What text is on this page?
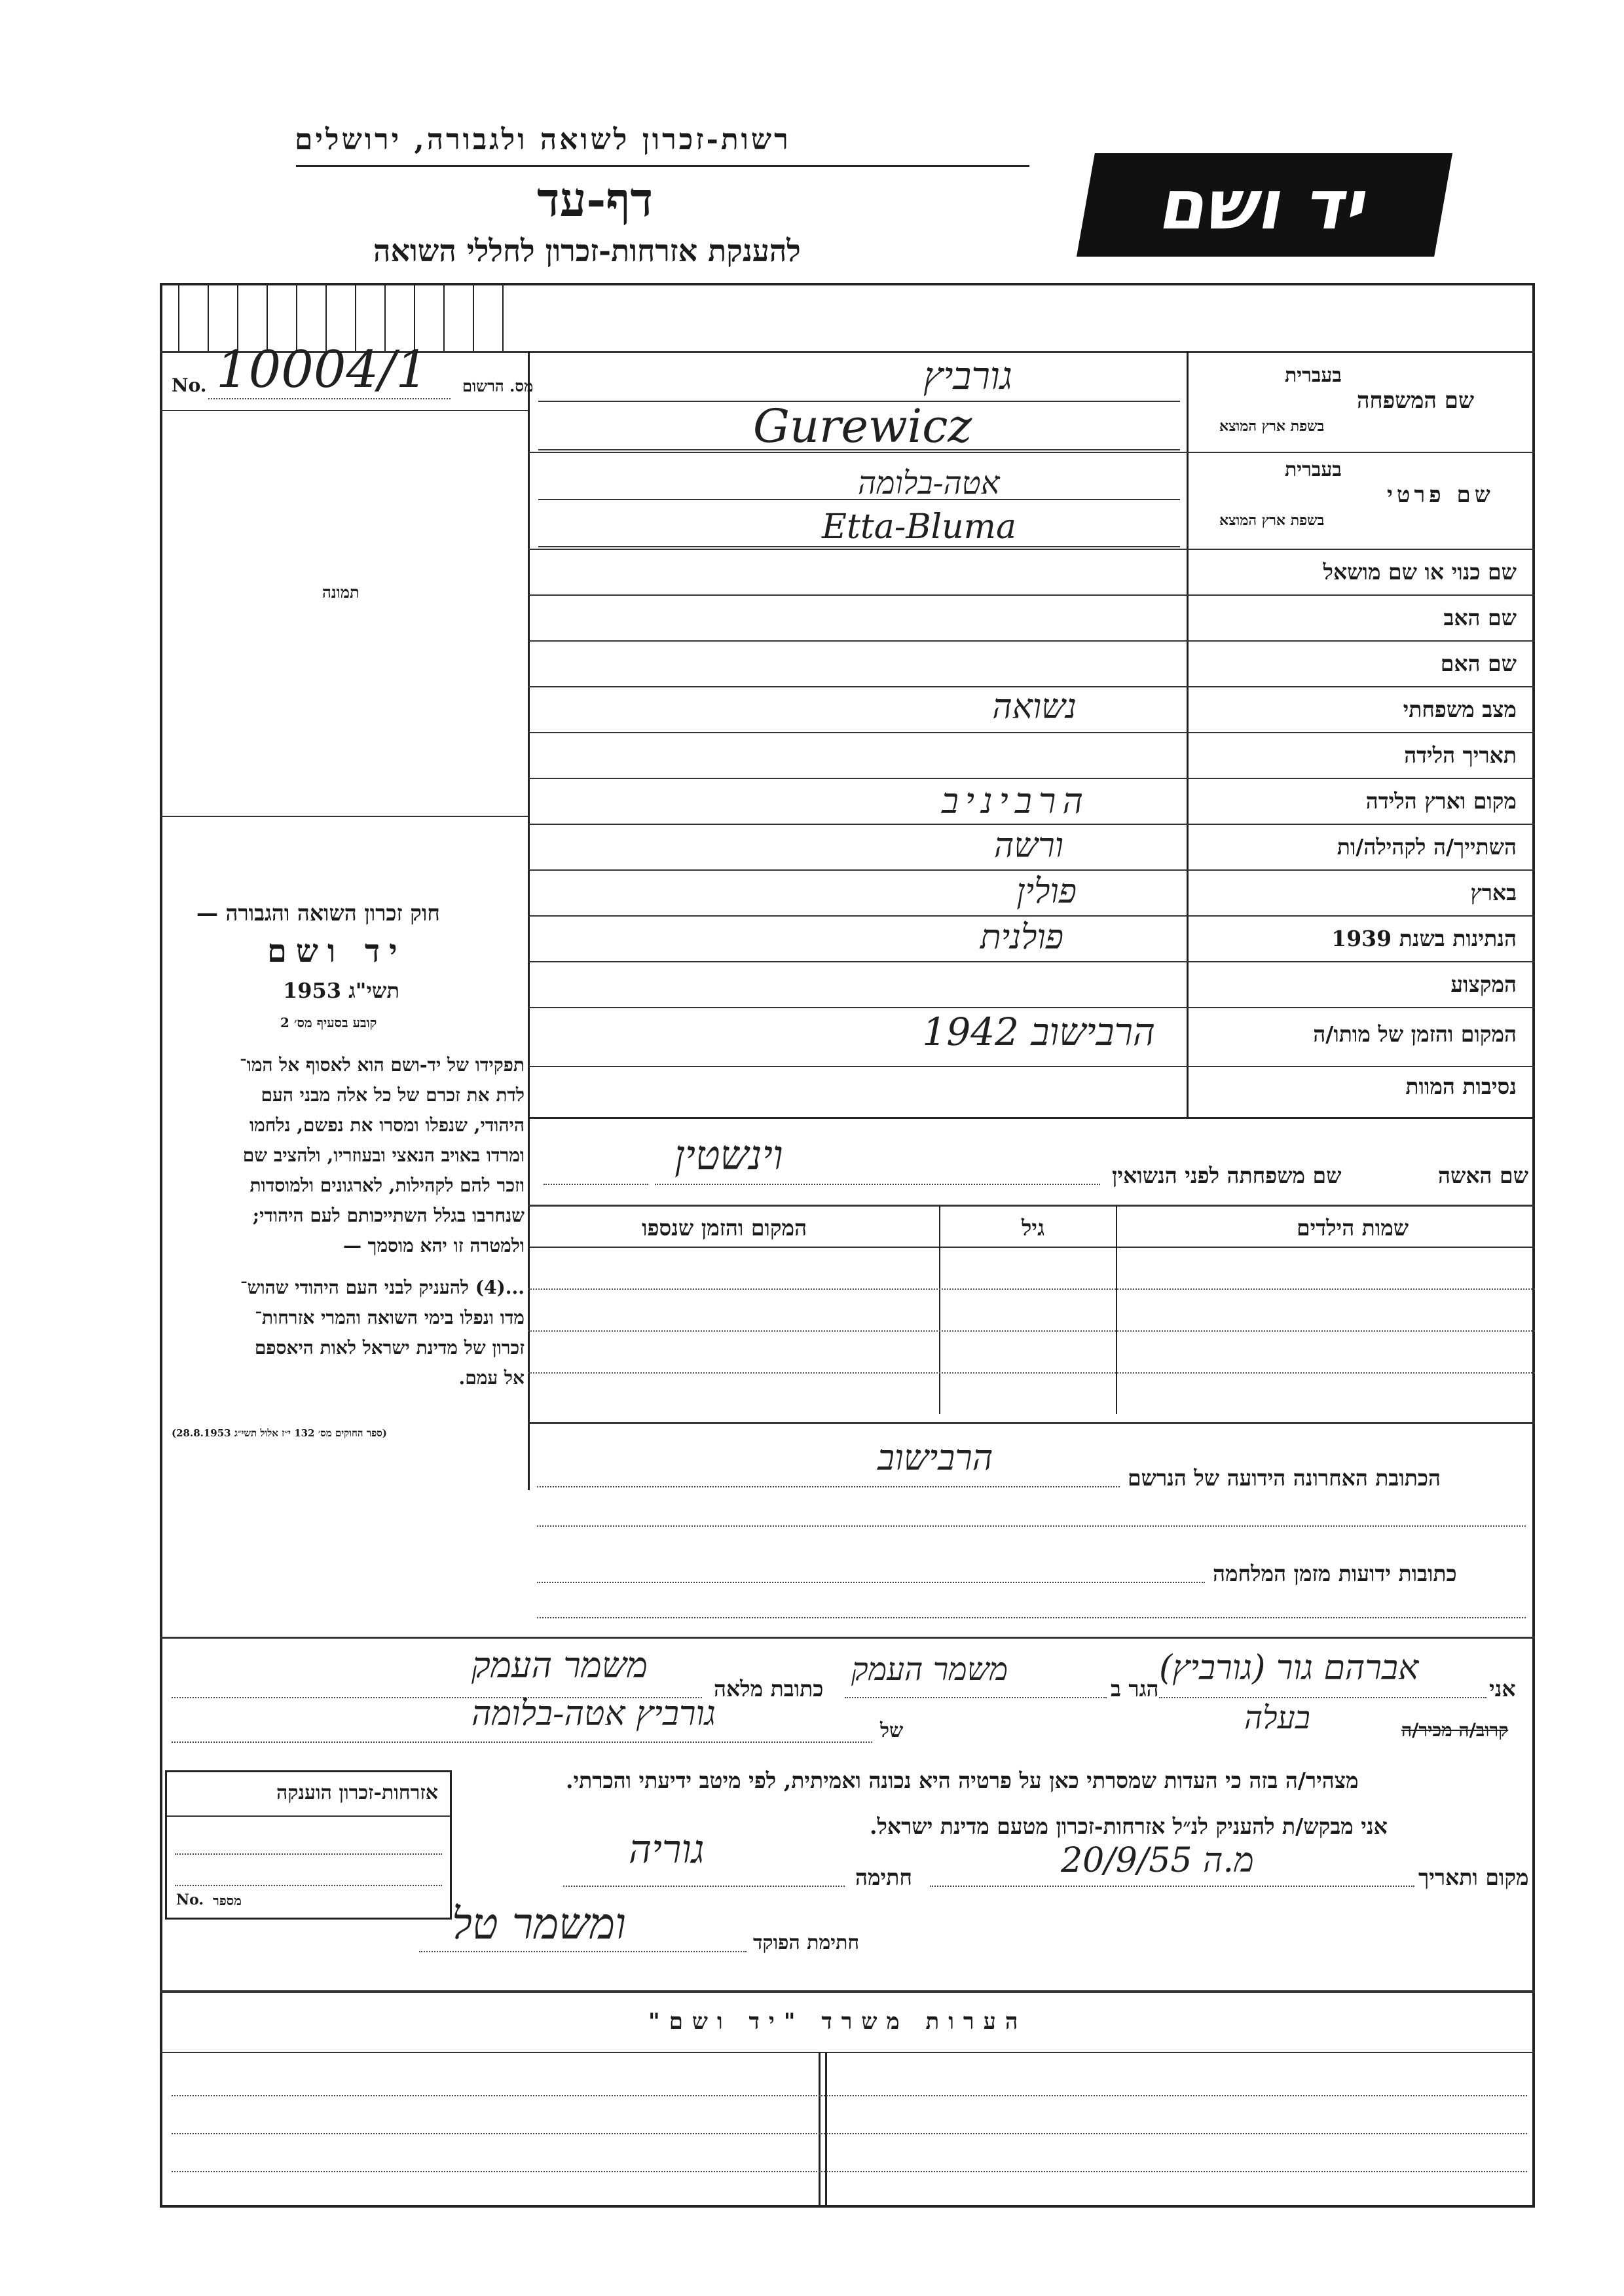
רשות-זכרון לשואה ולגבורה, ירושלים
דף-עד
להענקת אזרחות-זכרון לחללי השואה
יד ושם
מס. הרשום
No. 10004/1
תמונה
חוק זכרון השואה והגבורה —
יד ושם
תשי"ג 1953
קובע בסעיף מס׳ 2
תפקידו של יד-ושם הוא לאסוף אל המו־
לדת את זכרם של כל אלה מבני העם
היהודי, שנפלו ומסרו את נפשם, נלחמו
ומרדו באויב הנאצי ובעוזריו, ולהציב שם
וזכר להם לקהילות, לארגונים ולמוסדות
שנחרבו בגלל השתייכותם לעם היהודי;
ולמטרה זו יהא מוסמך —
...(4) להעניק לבני העם היהודי שהוש־
מדו ונפלו בימי השואה והמרי אזרחות־
זכרון של מדינת ישראל לאות היאספם
אל עמם.
(ספר החוקים מס׳ 132 י״ז אלול תשי״ג 28.8.1953)
שם המשפחה
בעברית
בשפת ארץ המוצא
גורביץ
Gurewicz
שם פרטי
בעברית
בשפת ארץ המוצא
אטה-בלומה
Etta-Bluma
שם כנוי או שם מושאל
שם האב
שם האם
מצב משפחתי
נשואה
תאריך הלידה
מקום וארץ הלידה
הרביניב
השתייך/ה לקהילה/ות
ורשה
בארץ
פולין
הנתינות בשנת 1939
פולנית
המקצוע
המקום והזמן של מותו/ה
הרבישוב 1942
נסיבות המוות
שם האשה
שם משפחתה לפני הנשואין
וינשטין
שמות הילדים
גיל
המקום והזמן שנספו
הכתובת האחרונה הידועה של הנרשם
הרבישוב
כתובות ידועות מזמן המלחמה
אני
אברהם גור (גורביץ)
הגר ב
משמר העמק
כתובת מלאה
משמר העמק
קרוב/ה מכיר/ה
בעלה
של
גורביץ אטה-בלומה
מצהיר/ה בזה כי העדות שמסרתי כאן על פרטיה היא נכונה ואמיתית, לפי מיטב ידיעתי והכרתי.
אני מבקש/ת להעניק לנ״ל אזרחות-זכרון מטעם מדינת ישראל.
מקום ותאריך
מ.ה 20/9/55
חתימה
גוריה
חתימת הפוקד
ומשמר טל
אזרחות-זכרון הוענקה
No. מספר
הערות משרד "יד ושם"
